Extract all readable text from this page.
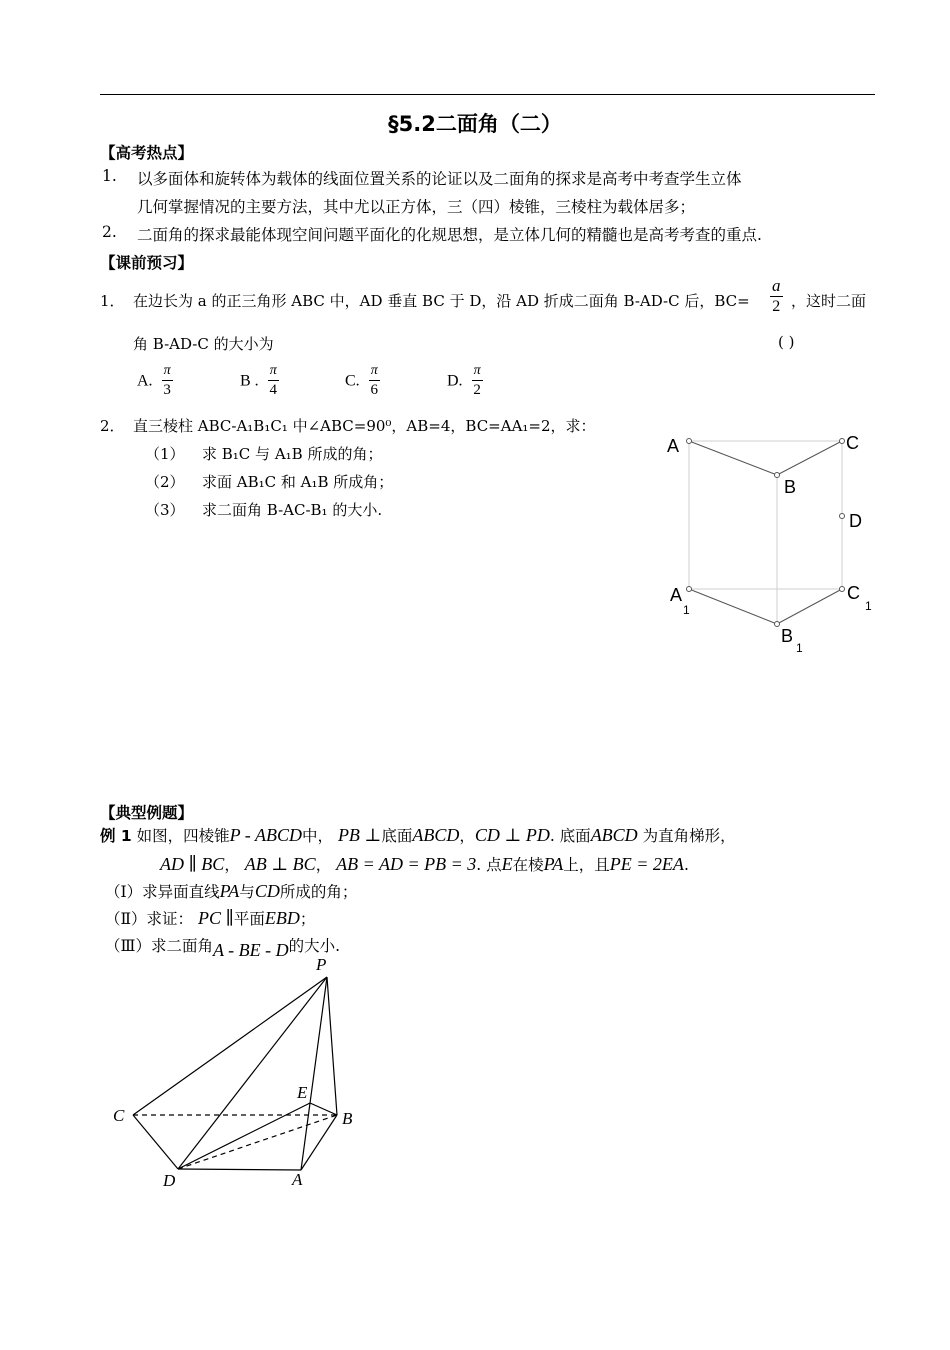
§5.2二面角（二）
【高考热点】
1. 以多面体和旋转体为载体的线面位置关系的论证以及二面角的探求是高考中考查学生立体
几何掌握情况的主要方法，其中尤以正方体，三（四）棱锥，三棱柱为载体居多；
2. 二面角的探求最能体现空间问题平面化的化规思想，是立体几何的精髓也是高考考查的重点.
【课前预习】
1． 在边长为 a 的正三角形 ABC 中，AD 垂直 BC 于 D，沿 AD 折成二面角 B-AD-C 后，$BC= \frac{a}{2}$ ，这时二面
角 B-AD-C 的大小为	( )
A. $\frac{\pi}{3}$	B . $\frac{\pi}{4}$	C. $\frac{\pi}{6}$	D. $\frac{\pi}{2}$
2． 直三棱柱 ABC-A₁B₁C₁ 中∠ABC=90⁰，AB=4，BC=AA₁=2，求：
（1） 求 B₁C 与 A₁B 所成的角；
（2） 求面 AB₁C 和 A₁B 所成角；
（3） 求二面角 B-AC-B₁ 的大小.
A	C
B
D
A
1
C
1
B
1
【典型例题】
例 1 如图，四棱锥P - ABCD中， PB ⊥底面ABCD，CD ⊥ PD. 底面ABCD 为直角梯形，
AD ∥ BC， AB ⊥ BC， AB = AD = PB = 3. 点E在棱PA上，且PE = 2EA.
（Ⅰ）求异面直线PA与CD所成的角；
（Ⅱ）求证： PC ∥平面EBD；
（Ⅲ）求二面角A - BE - D的大小.
P
E
C	B
D	A
